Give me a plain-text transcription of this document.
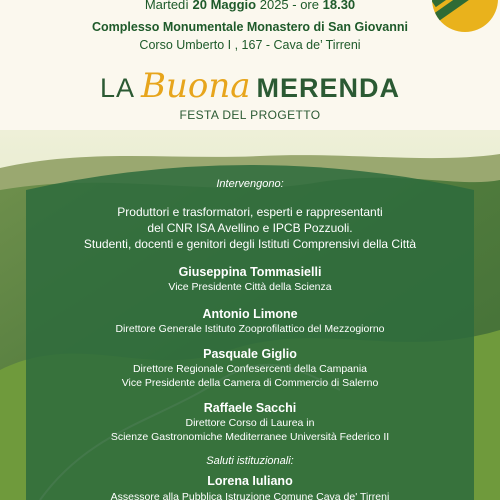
Martedì 20 Maggio 2025 - ore 18.30
Complesso Monumentale Monastero di San Giovanni
Corso Umberto I , 167 - Cava de’ Tirreni
LA Buona MERENDA
FESTA DEL PROGETTO
Intervengono:
Produttori e trasformatori, esperti e rappresentanti
del CNR ISA Avellino e IPCB Pozzuoli.
Studenti, docenti e genitori degli Istituti Comprensivi della Città
Giuseppina Tommasielli
Vice Presidente Città della Scienza
Antonio Limone
Direttore Generale Istituto Zooprofilattico del Mezzogiorno
Pasquale Giglio
Direttore Regionale Confesercenti della Campania
Vice Presidente della Camera di Commercio di Salerno
Raffaele Sacchi
Direttore Corso di Laurea in
Scienze Gastronomiche Mediterranee Università Federico II
Saluti istituzionali:
Lorena Iuliano
Assessore alla Pubblica Istruzione Comune Cava de' Tirreni
